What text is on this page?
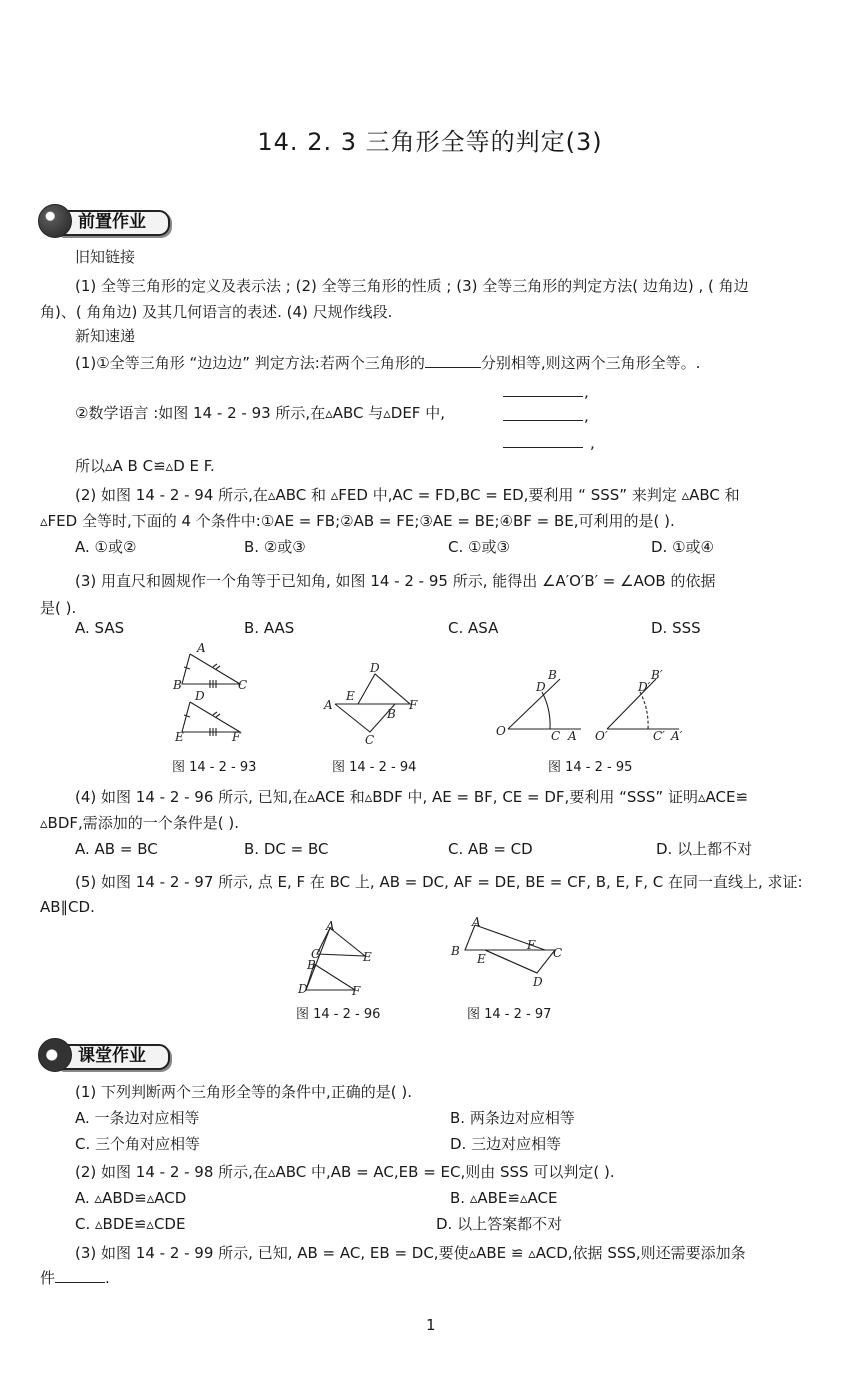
14. 2. 3 三角形全等的判定(3)
前置作业
旧知链接
(1) 全等三角形的定义及表示法 ; (2) 全等三角形的性质 ; (3) 全等三角形的判定方法( 边角边) , ( 角边
角)、( 角角边) 及其几何语言的表述. (4) 尺规作线段.
新知速递
(1)①全等三角形 “边边边” 判定方法:若两个三角形的	分别相等,则这两个三角形全等。.
,
,
,
②数学语言 :如图 14 - 2 - 93 所示,在▵ABC 与▵DEF 中,
所以▵A B C≌▵D E F.
(2) 如图 14 - 2 - 94 所示,在▵ABC 和 ▵FED 中,AC = FD,BC = ED,要利用 “ SSS” 来判定 ▵ABC 和
▵FED 全等时,下面的 4 个条件中:①AE = FB;②AB = FE;③AE = BE;④BF = BE,可利用的是( ).
A. ①或②	B. ②或③	C. ①或③	D. ①或④
(3) 用直尺和圆规作一个角等于已知角, 如图 14 - 2 - 95 所示, 能得出 ∠A′O′B′ = ∠AOB 的依据
是( ).
A. SAS	B. AAS	C. ASA	D. SSS
A
B	C
D
E	F
D
A
E
B
F
C
B
D
O	C A
B′
D′
O′	C′ A′
图 14 - 2 - 93	图 14 - 2 - 94	图 14 - 2 - 95
(4) 如图 14 - 2 - 96 所示, 已知,在▵ACE 和▵BDF 中, AE = BF, CE = DF,要利用 “SSS” 证明▵ACE≌
▵BDF,需添加的一个条件是( ).
A. AB = BC	B. DC = BC	C. AB = CD	D. 以上都不对
(5) 如图 14 - 2 - 97 所示, 点 E, F 在 BC 上, AB = DC, AF = DE, BE = CF, B, E, F, C 在同一直线上, 求证:
AB∥CD.
A
C
B
E
D	F
A
B
E
F
C
D
图 14 - 2 - 96	图 14 - 2 - 97
课堂作业
(1) 下列判断两个三角形全等的条件中,正确的是( ).
A. 一条边对应相等	B. 两条边对应相等
C. 三个角对应相等	D. 三边对应相等
(2) 如图 14 - 2 - 98 所示,在▵ABC 中,AB = AC,EB = EC,则由 SSS 可以判定( ).
A. ▵ABD≌▵ACD	B. ▵ABE≌▵ACE
C. ▵BDE≌▵CDE	D. 以上答案都不对
(3) 如图 14 - 2 - 99 所示, 已知, AB = AC, EB = DC,要使▵ABE ≌ ▵ACD,依据 SSS,则还需要添加条
件	.
1
